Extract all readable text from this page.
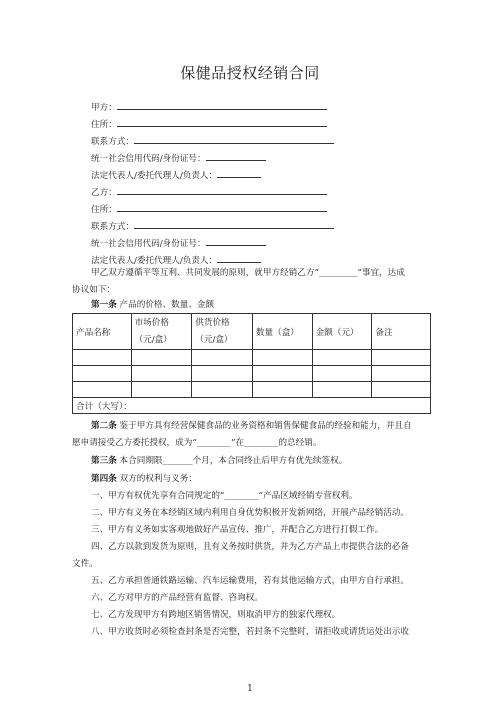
保健品授权经销合同
甲方：
住所：
联系方式：
统一社会信用代码/身份证号：
法定代表人/委托代理人/负责人：
乙方：
住所：
联系方式：
统一社会信用代码/身份证号：
法定代表人/委托代理人/负责人：
甲乙双方遵循平等互利、共同发展的原则，就甲方经销乙方“_________”事宜，达成
协议如下：
第一条 产品的价格、数量、金额
产品名称	市场价格（元/盒）	供货价格（元/盒）	数量（盒）	金额（元）	备注

合计（大写）：					
第二条 鉴于甲方具有经营保健食品的业务资格和销售保健食品的经验和能力，并且自
愿申请接受乙方委托授权，成为“________”在________的总经销。
第三条 本合同期限_______个月，本合同终止后甲方有优先续签权。
第四条 双方的权利与义务：
一、甲方有权优先享有合同规定的“________”产品区域经销专营权利。
二、甲方有义务在本经销区域内利用自身优势积极开发新网络，开展产品经销活动。
三、甲方有义务如实客观地做好产品宣传、推广，并配合乙方进行打假工作。
四、乙方以款到发货为原则，且有义务按时供货，并为乙方产品上市提供合法的必备
文件。
五、乙方承担普通铁路运输、汽车运输费用，若有其他运输方式，由甲方自行承担。
六、乙方对甲方的产品经营有监督、咨询权。
七、乙方发现甲方有跨地区销售情况，则取消甲方的独家代理权。
八、甲方收货时必须检查封条是否完整，若封条不完整时，请拒收或请货运处出示收
1
